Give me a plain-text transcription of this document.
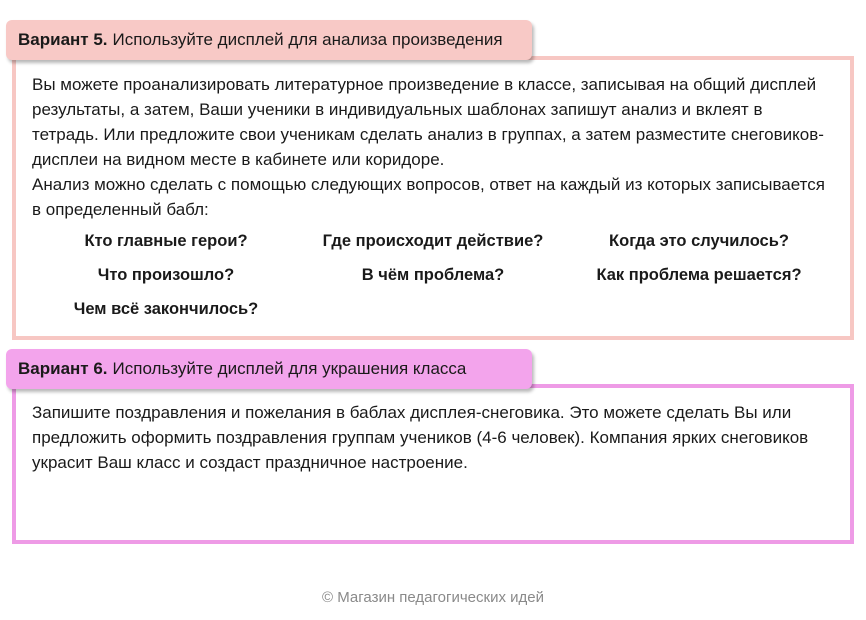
Вы можете проанализировать литературное произведение в классе, записывая на общий дисплей результаты, а затем, Ваши ученики в индивидуальных шаблонах запишут анализ и вклеят в тетрадь. Или предложите свои ученикам сделать анализ в группах, а затем разместите снеговиков-дисплеи на видном месте в кабинете или коридоре.

Анализ можно сделать с помощью следующих вопросов, ответ на каждый из которых записывается в определенный бабл:

Кто главные герои?	Где происходит действие?	Когда это случилось?
Что произошло?	В чём проблема?	Как проблема решается?
Чем всё закончилось?
Вариант 5. Используйте дисплей для анализа произведения

Запишите поздравления и пожелания в баблах дисплея-снеговика. Это можете сделать Вы или предложить оформить поздравления группам учеников (4-6 человек). Компания ярких снеговиков украсит Ваш класс и создаст праздничное настроение.

Вариант 6. Используйте дисплей для украшения класса
© Магазин педагогических идей
